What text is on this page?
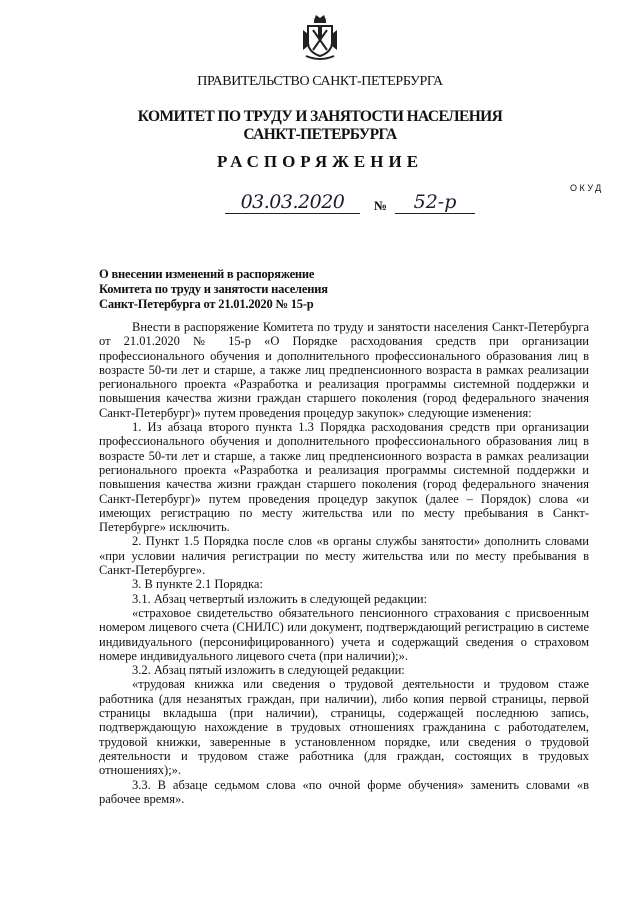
ПРАВИТЕЛЬСТВО САНКТ-ПЕТЕРБУРГА
КОМИТЕТ ПО ТРУДУ И ЗАНЯТОСТИ НАСЕЛЕНИЯ
САНКТ-ПЕТЕРБУРГА
РАСПОРЯЖЕНИЕ
ОКУД
03.03.2020	№	52-р
О внесении изменений в распоряжение
Комитета по труду и занятости населения
Санкт-Петербурга от 21.01.2020 № 15-р

Внести в распоряжение Комитета по труду и занятости населения Санкт-Петербурга от 21.01.2020 № 15-р «О Порядке расходования средств при организации профессионального обучения и дополнительного профессионального образования лиц в возрасте 50-ти лет и старше, а также лиц предпенсионного возраста в рамках реализации регионального проекта «Разработка и реализация программы системной поддержки и повышения качества жизни граждан старшего поколения (город федерального значения Санкт-Петербург)» путем проведения процедур закупок» следующие изменения:

1. Из абзаца второго пункта 1.3 Порядка расходования средств при организации профессионального обучения и дополнительного профессионального образования лиц в возрасте 50-ти лет и старше, а также лиц предпенсионного возраста в рамках реализации регионального проекта «Разработка и реализация программы системной поддержки и повышения качества жизни граждан старшего поколения (город федерального значения Санкт-Петербург)» путем проведения процедур закупок (далее – Порядок) слова «и имеющих регистрацию по месту жительства или по месту пребывания в Санкт-Петербурге» исключить.

2. Пункт 1.5 Порядка после слов «в органы службы занятости» дополнить словами «при условии наличия регистрации по месту жительства или по месту пребывания в Санкт-Петербурге».

3. В пункте 2.1 Порядка:

3.1. Абзац четвертый изложить в следующей редакции:

«страховое свидетельство обязательного пенсионного страхования с присвоенным номером лицевого счета (СНИЛС) или документ, подтверждающий регистрацию в системе индивидуального (персонифицированного) учета и содержащий сведения о страховом номере индивидуального лицевого счета (при наличии);».

3.2. Абзац пятый изложить в следующей редакции:

«трудовая книжка или сведения о трудовой деятельности и трудовом стаже работника (для незанятых граждан, при наличии), либо копия первой страницы, первой страницы вкладыша (при наличии), страницы, содержащей последнюю запись, подтверждающую нахождение в трудовых отношениях гражданина с работодателем, трудовой книжки, заверенные в установленном порядке, или сведения о трудовой деятельности и трудовом стаже работника (для граждан, состоящих в трудовых отношениях);».

3.3. В абзаце седьмом слова «по очной форме обучения» заменить словами «в рабочее время».
